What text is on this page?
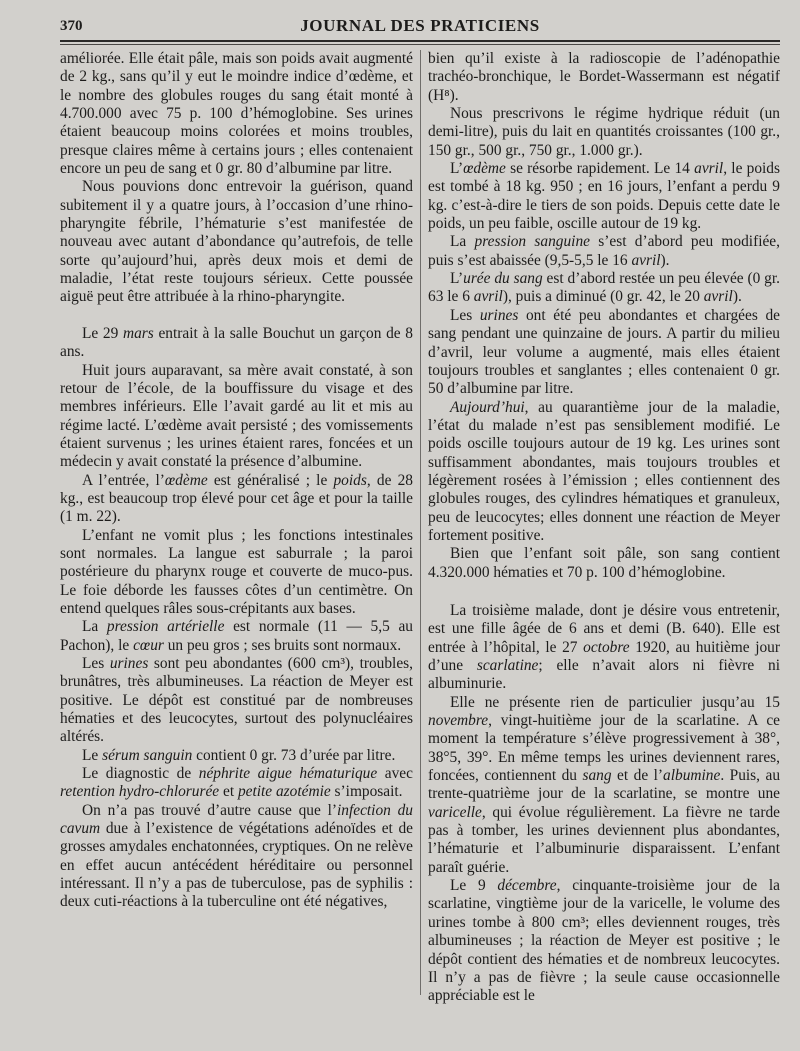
370	JOURNAL DES PRATICIENS

améliorée. Elle était pâle, mais son poids avait augmenté de 2 kg., sans qu’il y eut le moindre indice d’œdème, et le nombre des globules rouges du sang était monté à 4.700.000 avec 75 p. 100 d’hémoglobine. Ses urines étaient beaucoup moins colorées et moins troubles, presque claires même à certains jours ; elles contenaient encore un peu de sang et 0 gr. 80 d’albumine par litre.

Nous pouvions donc entrevoir la guérison, quand subitement il y a quatre jours, à l’occasion d’une rhino-pharyngite fébrile, l’hématurie s’est manifestée de nouveau avec autant d’abondance qu’autrefois, de telle sorte qu’aujourd’hui, après deux mois et demi de maladie, l’état reste toujours sérieux. Cette poussée aiguë peut être attribuée à la rhino-pharyngite.

Le 29 mars entrait à la salle Bouchut un garçon de 8 ans.

Huit jours auparavant, sa mère avait constaté, à son retour de l’école, de la bouffissure du visage et des membres inférieurs. Elle l’avait gardé au lit et mis au régime lacté. L’œdème avait persisté ; des vomissements étaient survenus ; les urines étaient rares, foncées et un médecin y avait constaté la présence d’albumine.

A l’entrée, l’œdème est généralisé ; le poids, de 28 kg., est beaucoup trop élevé pour cet âge et pour la taille (1 m. 22).

L’enfant ne vomit plus ; les fonctions intestinales sont normales. La langue est saburrale ; la paroi postérieure du pharynx rouge et couverte de muco-pus. Le foie déborde les fausses côtes d’un centimètre. On entend quelques râles sous-crépitants aux bases.

La pression artérielle est normale (11 — 5,5 au Pachon), le cœur un peu gros ; ses bruits sont normaux.

Les urines sont peu abondantes (600 cm³), troubles, brunâtres, très albumineuses. La réaction de Meyer est positive. Le dépôt est constitué par de nombreuses hématies et des leucocytes, surtout des polynucléaires altérés.

Le sérum sanguin contient 0 gr. 73 d’urée par litre.

Le diagnostic de néphrite aigue hématurique avec retention hydro-chlorurée et petite azotémie s’imposait.

On n’a pas trouvé d’autre cause que l’infection du cavum due à l’existence de végétations adénoïdes et de grosses amydales enchatonnées, cryptiques. On ne relève en effet aucun antécédent héréditaire ou personnel intéressant. Il n’y a pas de tuberculose, pas de syphilis : deux cuti-réactions à la tuberculine ont été négatives,

bien qu’il existe à la radioscopie de l’adénopathie trachéo-bronchique, le Bordet-Wassermann est négatif (H⁸).

Nous prescrivons le régime hydrique réduit (un demi-litre), puis du lait en quantités croissantes (100 gr., 150 gr., 500 gr., 750 gr., 1.000 gr.).

L’œdème se résorbe rapidement. Le 14 avril, le poids est tombé à 18 kg. 950 ; en 16 jours, l’enfant a perdu 9 kg. c’est-à-dire le tiers de son poids. Depuis cette date le poids, un peu faible, oscille autour de 19 kg.

La pression sanguine s’est d’abord peu modifiée, puis s’est abaissée (9,5-5,5 le 16 avril).

L’urée du sang est d’abord restée un peu élevée (0 gr. 63 le 6 avril), puis a diminué (0 gr. 42, le 20 avril).

Les urines ont été peu abondantes et chargées de sang pendant une quinzaine de jours. A partir du milieu d’avril, leur volume a augmenté, mais elles étaient toujours troubles et sanglantes ; elles contenaient 0 gr. 50 d’albumine par litre.

Aujourd’hui, au quarantième jour de la maladie, l’état du malade n’est pas sensiblement modifié. Le poids oscille toujours autour de 19 kg. Les urines sont suffisamment abondantes, mais toujours troubles et légèrement rosées à l’émission ; elles contiennent des globules rouges, des cylindres hématiques et granuleux, peu de leucocytes; elles donnent une réaction de Meyer fortement positive.

Bien que l’enfant soit pâle, son sang contient 4.320.000 hématies et 70 p. 100 d’hémoglobine.

La troisième malade, dont je désire vous entretenir, est une fille âgée de 6 ans et demi (B. 640). Elle est entrée à l’hôpital, le 27 octobre 1920, au huitième jour d’une scarlatine; elle n’avait alors ni fièvre ni albuminurie.

Elle ne présente rien de particulier jusqu’au 15 novembre, vingt-huitième jour de la scarlatine. A ce moment la température s’élève progressivement à 38°, 38°5, 39°. En même temps les urines deviennent rares, foncées, contiennent du sang et de l’albumine. Puis, au trente-quatrième jour de la scarlatine, se montre une varicelle, qui évolue régulièrement. La fièvre ne tarde pas à tomber, les urines deviennent plus abondantes, l’hématurie et l’albuminurie disparaissent. L’enfant paraît guérie.

Le 9 décembre, cinquante-troisième jour de la scarlatine, vingtième jour de la varicelle, le volume des urines tombe à 800 cm³; elles deviennent rouges, très albumineuses ; la réaction de Meyer est positive ; le dépôt contient des hématies et de nombreux leucocytes. Il n’y a pas de fièvre ; la seule cause occasionnelle appréciable est le
